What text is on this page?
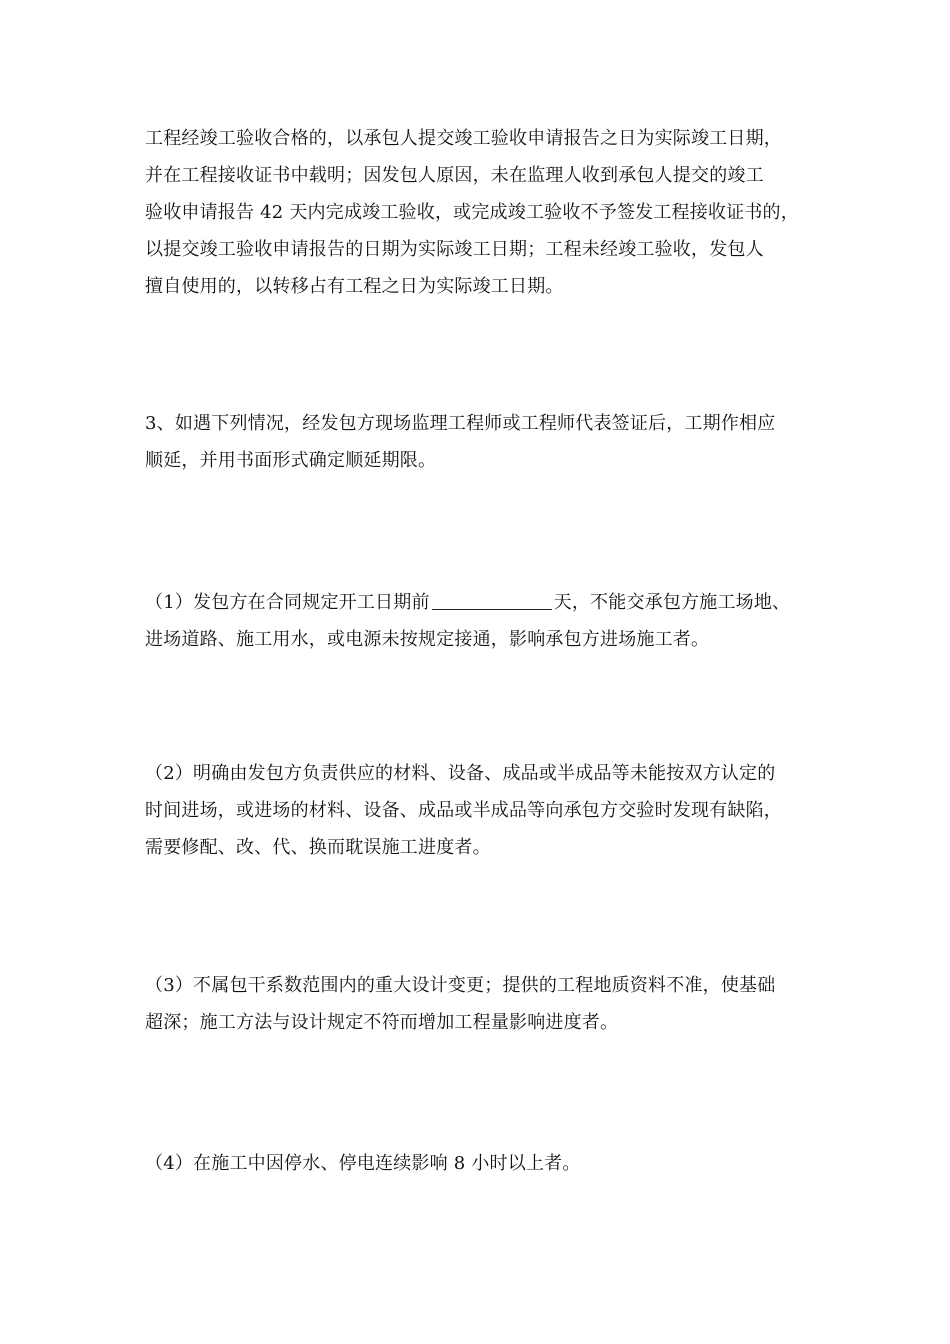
工程经竣工验收合格的，以承包人提交竣工验收申请报告之日为实际竣工日期，
并在工程接收证书中载明；因发包人原因，未在监理人收到承包人提交的竣工
验收申请报告 42 天内完成竣工验收，或完成竣工验收不予签发工程接收证书的，
以提交竣工验收申请报告的日期为实际竣工日期；工程未经竣工验收，发包人
擅自使用的，以转移占有工程之日为实际竣工日期。
3、如遇下列情况，经发包方现场监理工程师或工程师代表签证后，工期作相应
顺延，并用书面形式确定顺延期限。
（1）发包方在合同规定开工日期前	天，不能交承包方施工场地、
进场道路、施工用水，或电源未按规定接通，影响承包方进场施工者。
（2）明确由发包方负责供应的材料、设备、成品或半成品等未能按双方认定的
时间进场，或进场的材料、设备、成品或半成品等向承包方交验时发现有缺陷，
需要修配、改、代、换而耽误施工进度者。
（3）不属包干系数范围内的重大设计变更；提供的工程地质资料不准，使基础
超深；施工方法与设计规定不符而增加工程量影响进度者。
（4）在施工中因停水、停电连续影响 8 小时以上者。
